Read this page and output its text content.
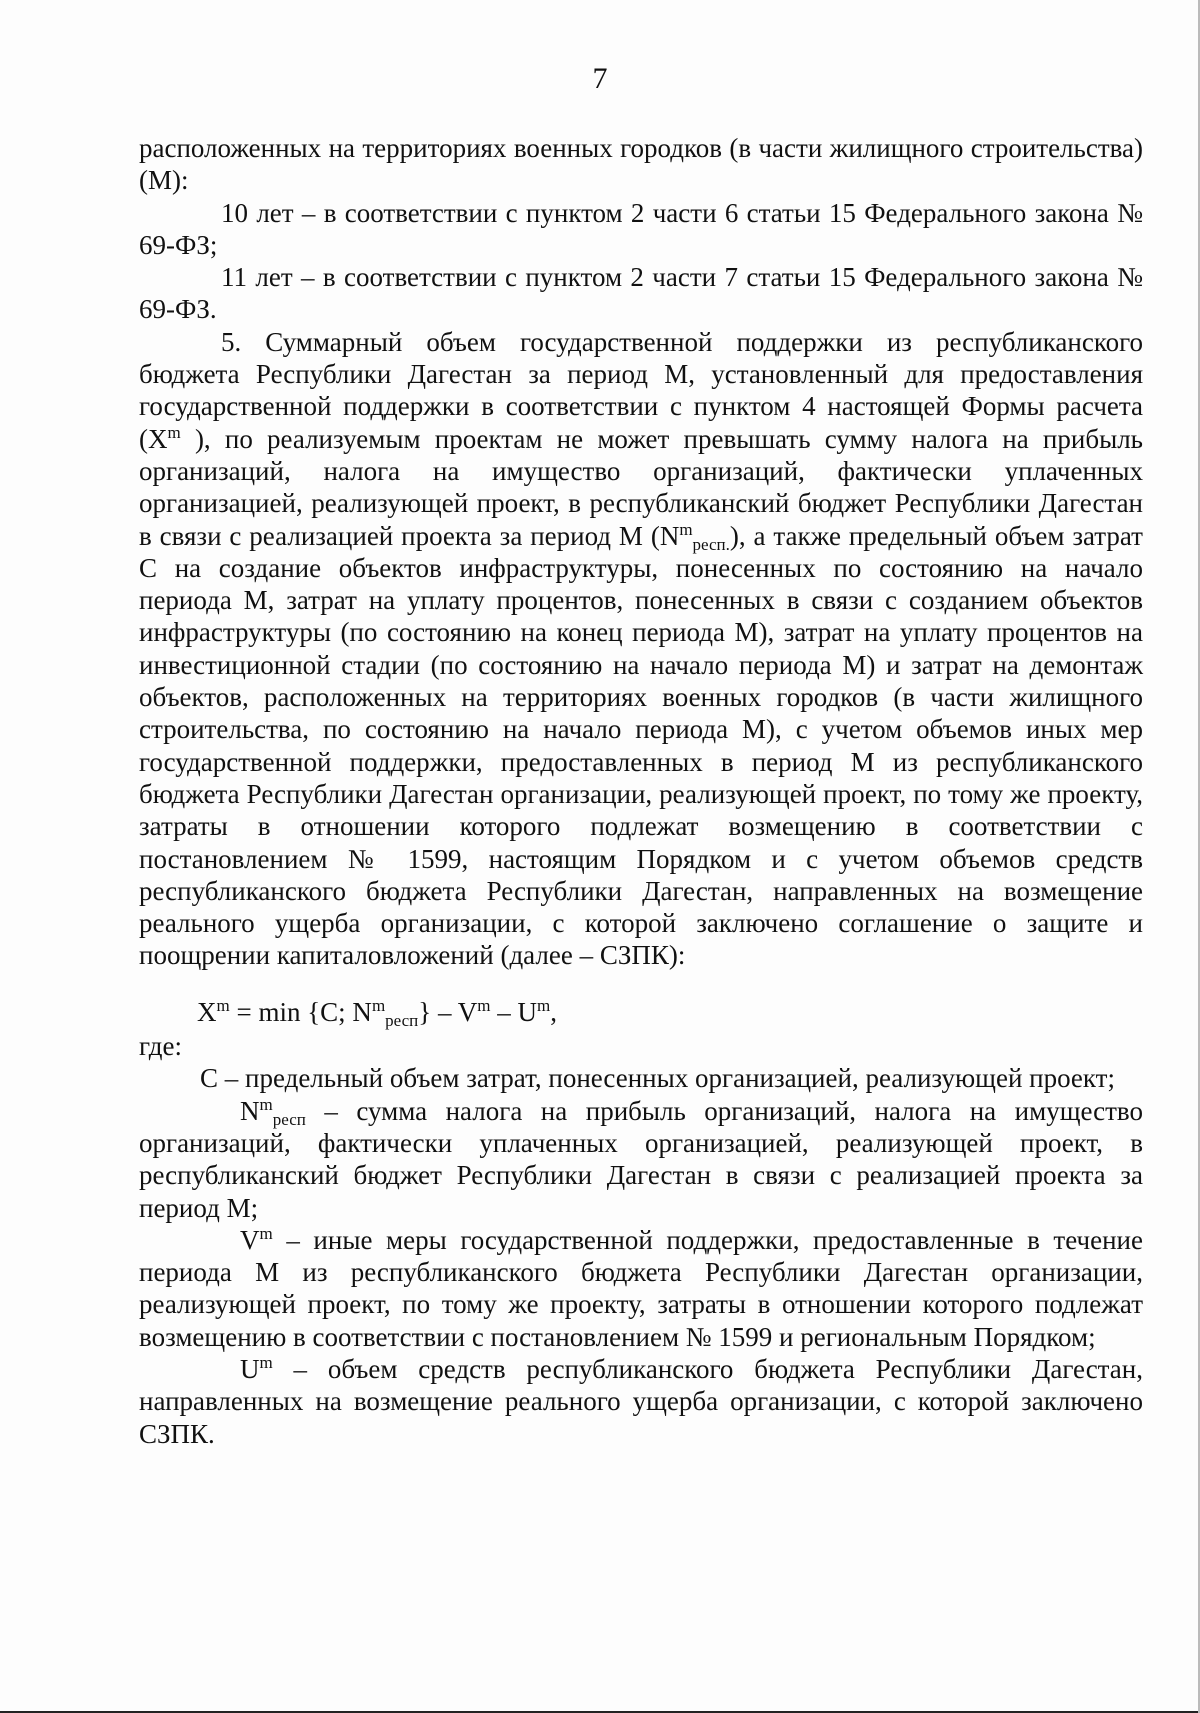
7

расположенных на территориях военных городков (в части жилищного строительства) (M):

10 лет – в соответствии с пунктом 2 части 6 статьи 15 Федерального закона № 69-ФЗ;

11 лет – в соответствии с пунктом 2 части 7 статьи 15 Федерального закона № 69-ФЗ.

5. Суммарный объем государственной поддержки из республиканского бюджета Республики Дагестан за период M, установленный для предоставления государственной поддержки в соответствии с пунктом 4 настоящей Формы расчета ($X^m$ ), по реализуемым проектам не может превышать сумму налога на прибыль организаций, налога на имущество организаций, фактически уплаченных организацией, реализующей проект, в республиканский бюджет Республики Дагестан в связи с реализацией проекта за период M $(N^m_{респ.})$, а также предельный объем затрат C на создание объектов инфраструктуры, понесенных по состоянию на начало периода M, затрат на уплату процентов, понесенных в связи с созданием объектов инфраструктуры (по состоянию на конец периода M), затрат на уплату процентов на инвестиционной стадии (по состоянию на начало периода M) и затрат на демонтаж объектов, расположенных на территориях военных городков (в части жилищного строительства, по состоянию на начало периода M), с учетом объемов иных мер государственной поддержки, предоставленных в период M из республиканского бюджета Республики Дагестан организации, реализующей проект, по тому же проекту, затраты в отношении которого подлежат возмещению в соответствии с постановлением № 1599, настоящим Порядком и с учетом объемов средств республиканского бюджета Республики Дагестан, направленных на возмещение реального ущерба организации, с которой заключено соглашение о защите и поощрении капиталовложений (далее – СЗПК):

$X^m = \min \{C$; $N^m_{респ}\} - V^m - U^m$,

где:

C – предельный объем затрат, понесенных организацией, реализующей проект;

$N^m_{респ}$ – сумма налога на прибыль организаций, налога на имущество организаций, фактически уплаченных организацией, реализующей проект, в республиканский бюджет Республики Дагестан в связи с реализацией проекта за период M;

$V^m$ – иные меры государственной поддержки, предоставленные в течение периода M из республиканского бюджета Республики Дагестан организации, реализующей проект, по тому же проекту, затраты в отношении которого подлежат возмещению в соответствии с постановлением № 1599 и региональным Порядком;

$U^m$ – объем средств республиканского бюджета Республики Дагестан, направленных на возмещение реального ущерба организации, с которой заключено СЗПК.
